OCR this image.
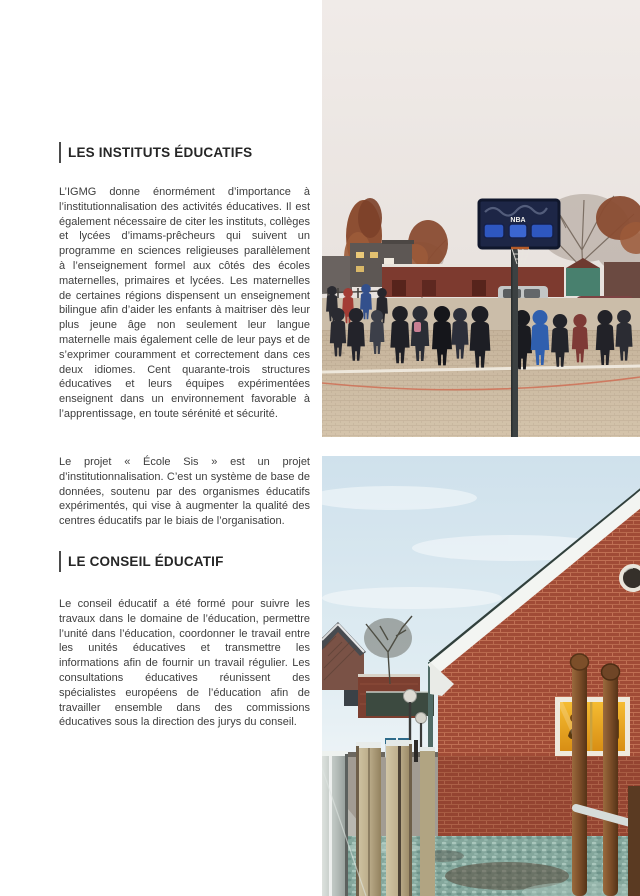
LES INSTITUTS ÉDUCATIFS

L’IGMG donne énormément d’importance à l’institutionnalisation des activités éducatives. Il est également nécessaire de citer les instituts, collèges et lycées d’imams-prêcheurs qui suivent un programme en sciences religieuses parallèlement à l’enseignement formel aux côtés des écoles maternelles, primaires et lycées. Les maternelles de certaines régions dispensent un enseignement bilingue afin d’aider les enfants à maitriser dès leur plus jeune âge non seulement leur langue maternelle mais également celle de leur pays et de s’exprimer couramment et correctement dans ces deux idiomes. Cent quarante-trois structures éducatives et leurs équipes expérimentées enseignent dans un environnement favorable à l’apprentissage, en toute sérénité et sécurité.

Le projet « École Sis » est un projet d’institutionnalisation. C’est un système de base de données, soutenu par des organismes éducatifs expérimentés, qui vise à augmenter la qualité des centres éducatifs par le biais de l’organisation.

LE CONSEIL ÉDUCATIF

Le conseil éducatif a été formé pour suivre les travaux dans le domaine de l’éducation, permettre l’unité dans l’éducation, coordonner le travail entre les unités éducatives et transmettre les informations afin de fournir un travail régulier. Les consultations éducatives réunissent des spécialistes européens de l’éducation afin de travailler ensemble dans des commissions éducatives sous la direction des jurys du conseil.

NBA
